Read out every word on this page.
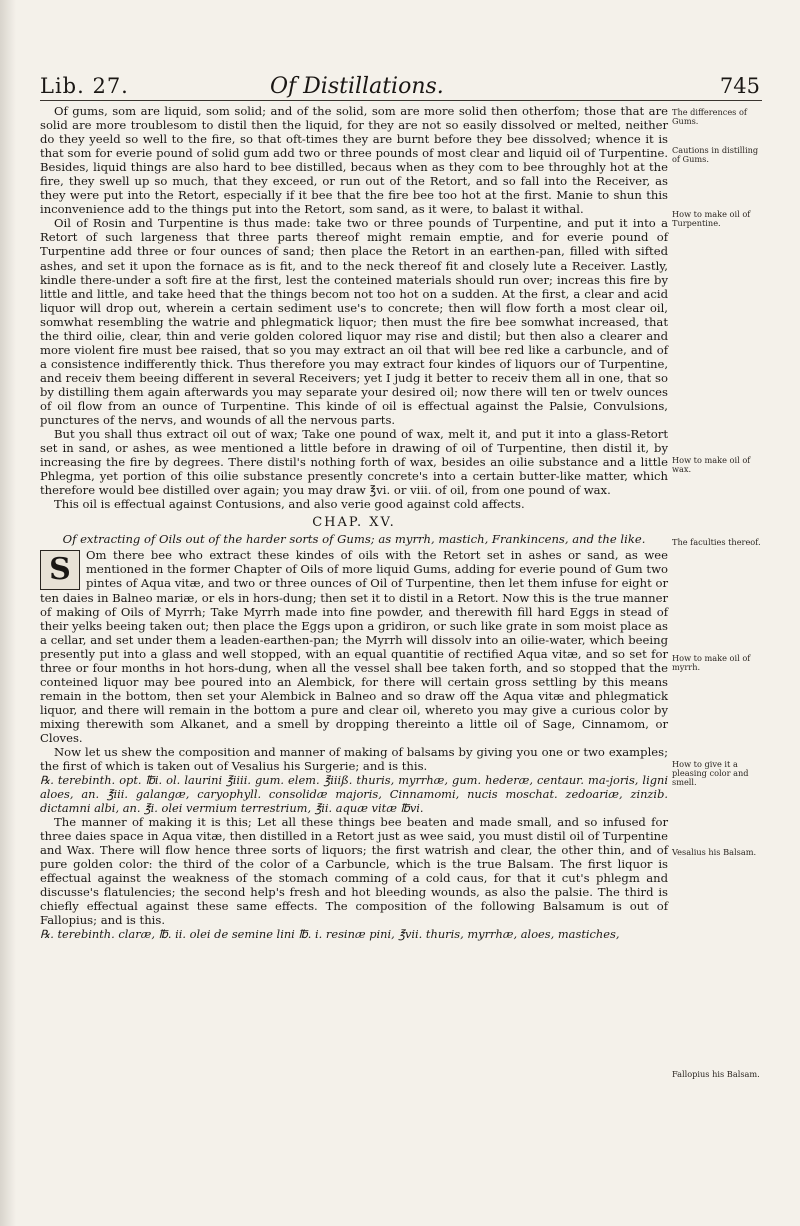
Lib. 27.	Of Distillations.	745

Of gums, som are liquid, som solid; and of the solid, som are more solid then otherfom; those that are solid are more troublesom to distil then the liquid, for they are not so easily dissolved or melted, neither do they yeeld so well to the fire, so that oft-times they are burnt before they bee dissolved; whence it is that som for everie pound of solid gum add two or three pounds of most clear and liquid oil of Turpentine. Besides, liquid things are also hard to bee distilled, becaus when as they com to bee throughly hot at the fire, they swell up so much, that they exceed, or run out of the Retort, and so fall into the Receiver, as they were put into the Retort, especially if it bee that the fire bee too hot at the first. Manie to shun this inconvenience add to the things put into the Retort, som sand, as it were, to balast it withal.

Oil of Rosin and Turpentine is thus made: take two or three pounds of Turpentine, and put it into a Retort of such largeness that three parts thereof might remain emptie, and for everie pound of Turpentine add three or four ounces of sand; then place the Retort in an earthen-pan, filled with sifted ashes, and set it upon the fornace as is fit, and to the neck thereof fit and closely lute a Receiver. Lastly, kindle there-under a soft fire at the first, lest the conteined materials should run over; increas this fire by little and little, and take heed that the things becom not too hot on a sudden. At the first, a clear and acid liquor will drop out, wherein a certain sediment use's to concrete; then will flow forth a most clear oil, somwhat resembling the watrie and phlegmatick liquor; then must the fire bee somwhat increased, that the third oilie, clear, thin and verie golden colored liquor may rise and distil; but then also a clearer and more violent fire must bee raised, that so you may extract an oil that will bee red like a carbuncle, and of a consistence indifferently thick. Thus therefore you may extract four kindes of liquors our of Turpentine, and receiv them beeing different in several Receivers; yet I judg it better to receiv them all in one, that so by distilling them again afterwards you may separate your desired oil; now there will ten or twelv ounces of oil flow from an ounce of Turpentine. This kinde of oil is effectual against the Palsie, Convulsions, punctures of the nervs, and wounds of all the nervous parts.

But you shall thus extract oil out of wax; Take one pound of wax, melt it, and put it into a glass-Retort set in sand, or ashes, as wee mentioned a little before in drawing of oil of Turpentine, then distil it, by increasing the fire by degrees. There distil's nothing forth of wax, besides an oilie substance and a little Phlegma, yet portion of this oilie substance presently concrete's into a certain butter-like matter, which therefore would bee distilled over again; you may draw ℥vi. or viii. of oil, from one pound of wax.

This oil is effectual against Contusions, and also verie good against cold affects.

CHAP. XV.
Of extracting of Oils out of the harder sorts of Gums; as myrrh, mastich, Frankincens, and the like.

S	Om there bee who extract these kindes of oils with the Retort set in ashes or sand, as wee mentioned in the former Chapter of Oils of more liquid Gums, adding for everie pound of Gum two pintes of Aqua vitæ, and two or three ounces of Oil of Turpentine, then let them infuse for eight or ten daies in Balneo mariæ, or els in hors-dung; then set it to distil in a Retort. Now this is the true manner of making of Oils of Myrrh; Take Myrrh made into fine powder, and therewith fill hard Eggs in stead of their yelks beeing taken out; then place the Eggs upon a gridiron, or such like grate in som moist place as a cellar, and set under them a leaden-earthen-pan; the Myrrh will dissolv into an oilie-water, which beeing presently put into a glass and well stopped, with an equal quantitie of rectified Aqua vitæ, and so set for three or four months in hot hors-dung, when all the vessel shall bee taken forth, and so stopped that the conteined liquor may bee poured into an Alembick, for there will certain gross settling by this means remain in the bottom, then set your Alembick in Balneo and so draw off the Aqua vitæ and phlegmatick liquor, and there will remain in the bottom a pure and clear oil, whereto you may give a curious color by mixing therewith som Alkanet, and a smell by dropping thereinto a little oil of Sage, Cinnamom, or Cloves.

Now let us shew the composition and manner of making of balsams by giving you one or two examples; the first of which is taken out of Vesalius his Surgerie; and is this.

℞. terebinth. opt. ℔i. ol. laurini ℥iiii. gum. elem. ℥iiiß. thuris, myrrhæ, gum. hederæ, centaur. ma-joris, ligni aloes, an. ℥iii. galangæ, caryophyll. consolidæ majoris, Cinnamomi, nucis moschat. zedoariæ, zinzib. dictamni albi, an. ℥i. olei vermium terrestrium, ℥ii. aquæ vitæ ℔vi.

The manner of making it is this; Let all these things bee beaten and made small, and so infused for three daies space in Aqua vitæ, then distilled in a Retort just as wee said, you must distil oil of Turpentine and Wax. There will flow hence three sorts of liquors; the first watrish and clear, the other thin, and of pure golden color: the third of the color of a Carbuncle, which is the true Balsam. The first liquor is effectual against the weakness of the stomach comming of a cold caus, for that it cut's phlegm and discusse's flatulencies; the second help's fresh and hot bleeding wounds, as also the palsie. The third is chiefly effectual against these same effects. The composition of the following Balsamum is out of Fallopius; and is this.

℞. terebinth. claræ, ℔. ii. olei de semine lini ℔. i. resinæ pini, ℥vii. thuris, myrrhæ, aloes, mastiches,

The differences of Gums.
Cautions in distilling of Gums.
How to make oil of Turpentine.
How to make oil of wax.
The faculties thereof.
How to make oil of myrrh.
How to give it a pleasing color and smell.
Vesalius his Balsam.
Fallopius his Balsam.
